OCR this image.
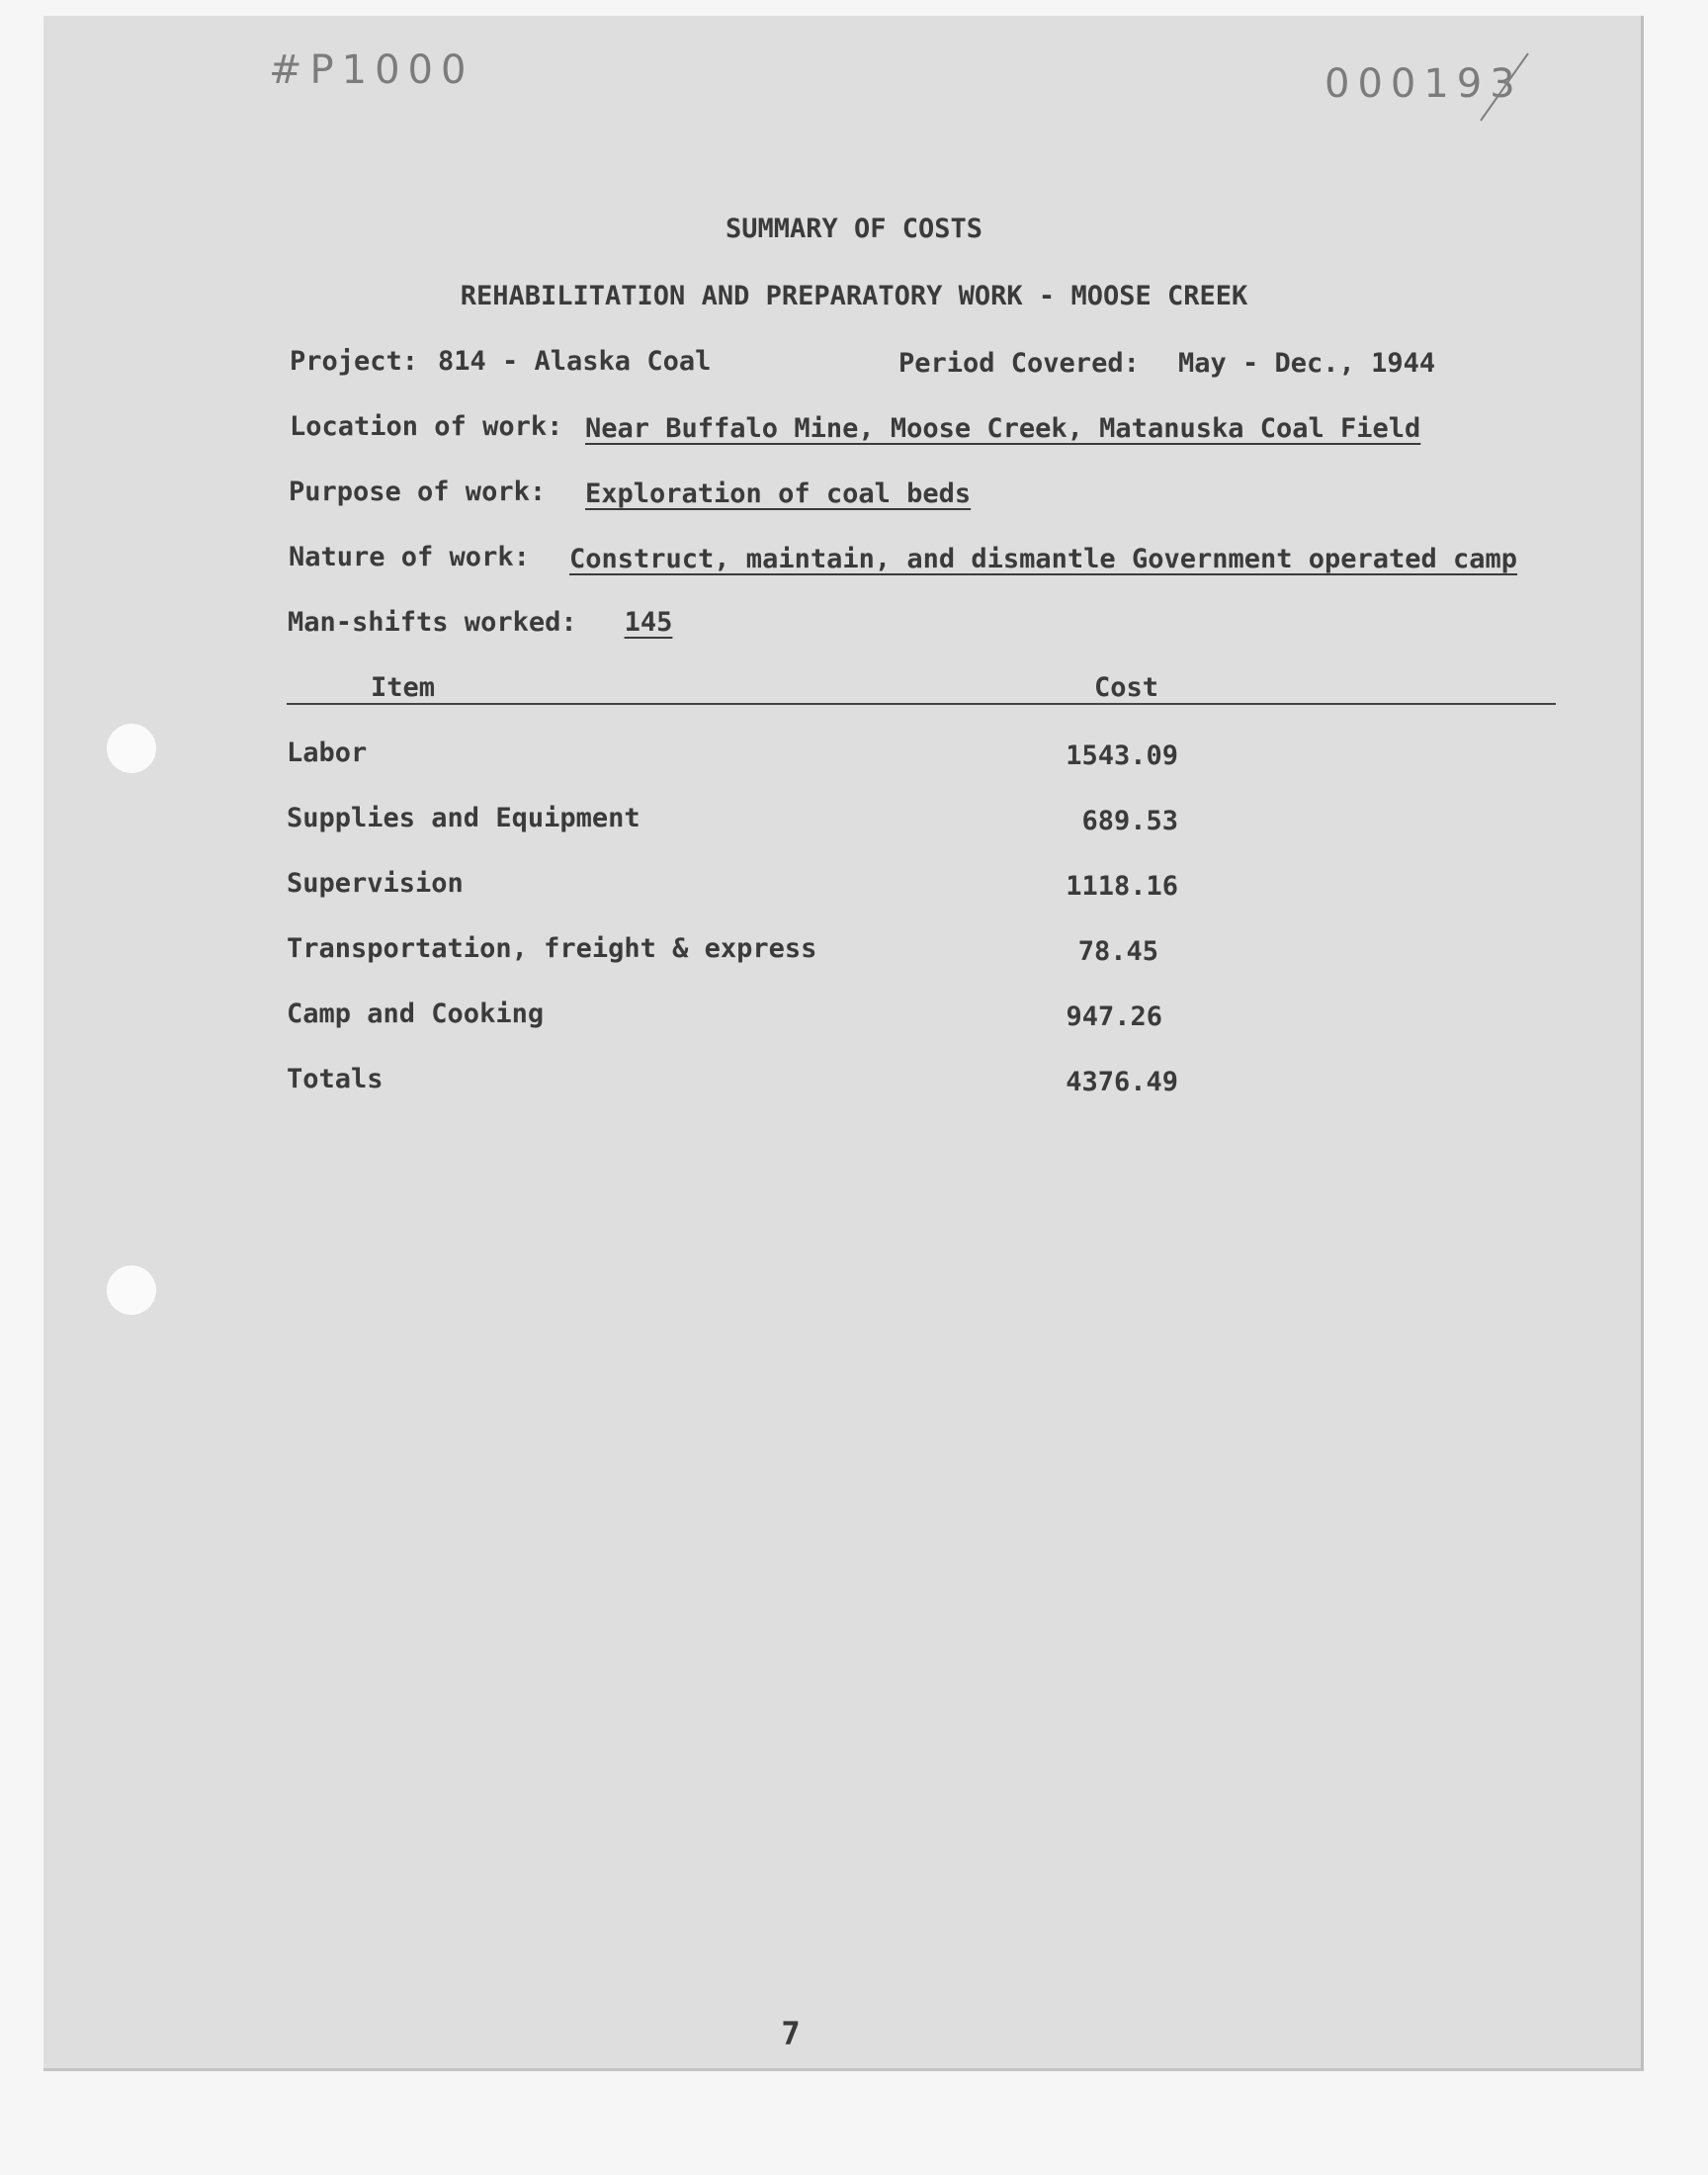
#P1000	000193
SUMMARY OF COSTS
REHABILITATION AND PREPARATORY WORK - MOOSE CREEK
Project: 814 - Alaska Coal	Period Covered: May - Dec., 1944
Location of work: Near Buffalo Mine, Moose Creek, Matanuska Coal Field
Purpose of work: Exploration of coal beds
Nature of work: Construct, maintain, and dismantle Government operated camp
Man-shifts worked:	145
Item	Cost
Labor	1543.09
Supplies and Equipment	689.53
Supervision	1118.16
Transportation, freight & express	78.45
Camp and Cooking	947.26
Totals	4376.49
7
